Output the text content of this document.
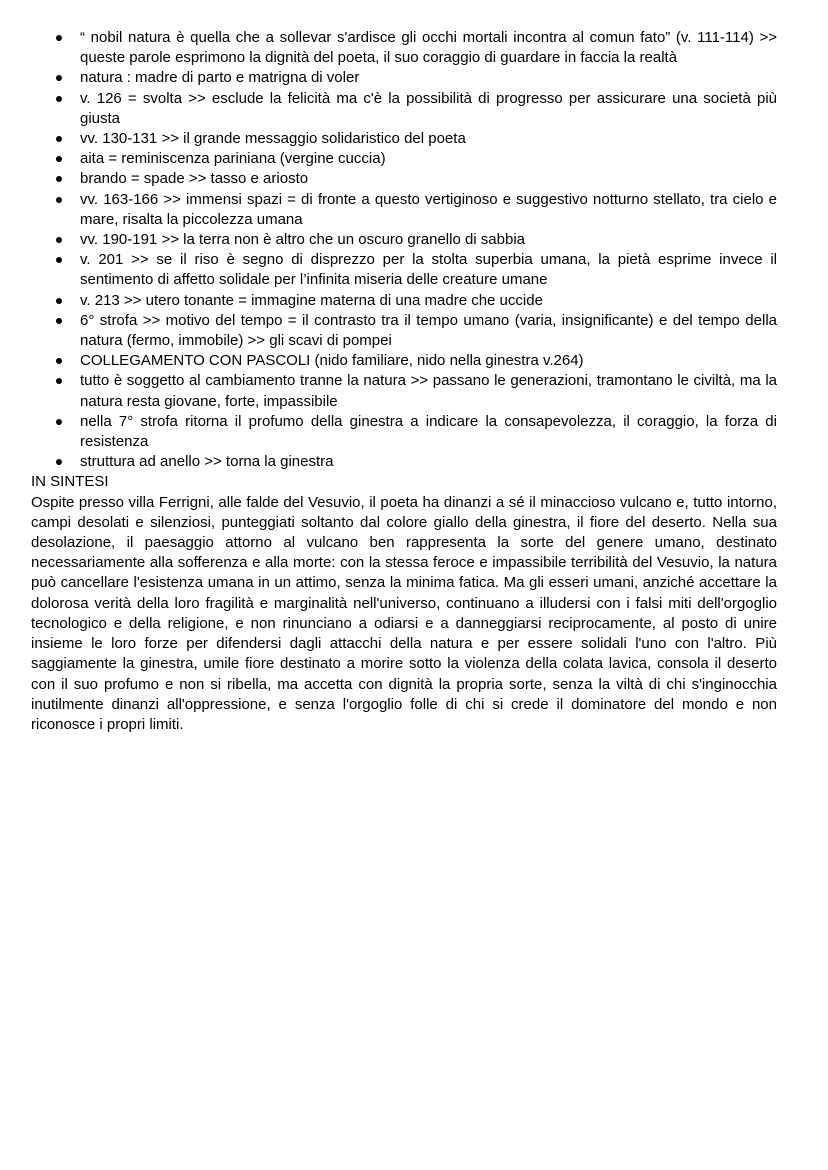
“ nobil natura è quella che a sollevar s'ardisce gli occhi mortali incontra al comun fato” (v. 111-114) >> queste parole esprimono la dignità del poeta, il suo coraggio di guardare in faccia la realtà
natura : madre di parto e matrigna di voler
v. 126 = svolta >> esclude la felicità ma c'è la possibilità di progresso per assicurare una società più giusta
vv. 130-131 >> il grande messaggio solidaristico del poeta
aita = reminiscenza pariniana (vergine cuccia)
brando = spade >> tasso e ariosto
vv. 163-166 >> immensi spazi = di fronte a questo vertiginoso e suggestivo notturno stellato, tra cielo e mare, risalta la piccolezza umana
vv. 190-191 >> la terra non è altro che un oscuro granello di sabbia
v. 201 >> se il riso è segno di disprezzo per la stolta superbia umana, la pietà esprime invece il sentimento di affetto solidale per l’infinita miseria delle creature umane
v. 213 >> utero tonante = immagine materna di una madre che uccide
6° strofa >> motivo del tempo = il contrasto tra il tempo umano (varia, insignificante) e del tempo della natura (fermo, immobile) >> gli scavi di pompei
COLLEGAMENTO CON PASCOLI (nido familiare, nido nella ginestra v.264)
tutto è soggetto al cambiamento tranne la natura >> passano le generazioni, tramontano le civiltà, ma la natura resta giovane, forte, impassibile
nella 7° strofa ritorna il profumo della ginestra a indicare la consapevolezza, il coraggio, la forza di resistenza
struttura ad anello >> torna la ginestra
IN SINTESI

Ospite presso villa Ferrigni, alle falde del Vesuvio, il poeta ha dinanzi a sé il minaccioso vulcano e, tutto intorno, campi desolati e silenziosi, punteggiati soltanto dal colore giallo della ginestra, il fiore del deserto. Nella sua desolazione, il paesaggio attorno al vulcano ben rappresenta la sorte del genere umano, destinato necessariamente alla sofferenza e alla morte: con la stessa feroce e impassibile terribilità del Vesuvio, la natura può cancellare l'esistenza umana in un attimo, senza la minima fatica. Ma gli esseri umani, anziché accettare la dolorosa verità della loro fragilità e marginalità nell'universo, continuano a illudersi con i falsi miti dell'orgoglio tecnologico e della religione, e non rinunciano a odiarsi e a danneggiarsi reciprocamente, al posto di unire insieme le loro forze per difendersi dagli attacchi della natura e per essere solidali l'uno con l'altro. Più saggiamente la ginestra, umile fiore destinato a morire sotto la violenza della colata lavica, consola il deserto con il suo profumo e non si ribella, ma accetta con dignità la propria sorte, senza la viltà di chi s'inginocchia inutilmente dinanzi all'oppressione, e senza l'orgoglio folle di chi si crede il dominatore del mondo e non riconosce i propri limiti.
